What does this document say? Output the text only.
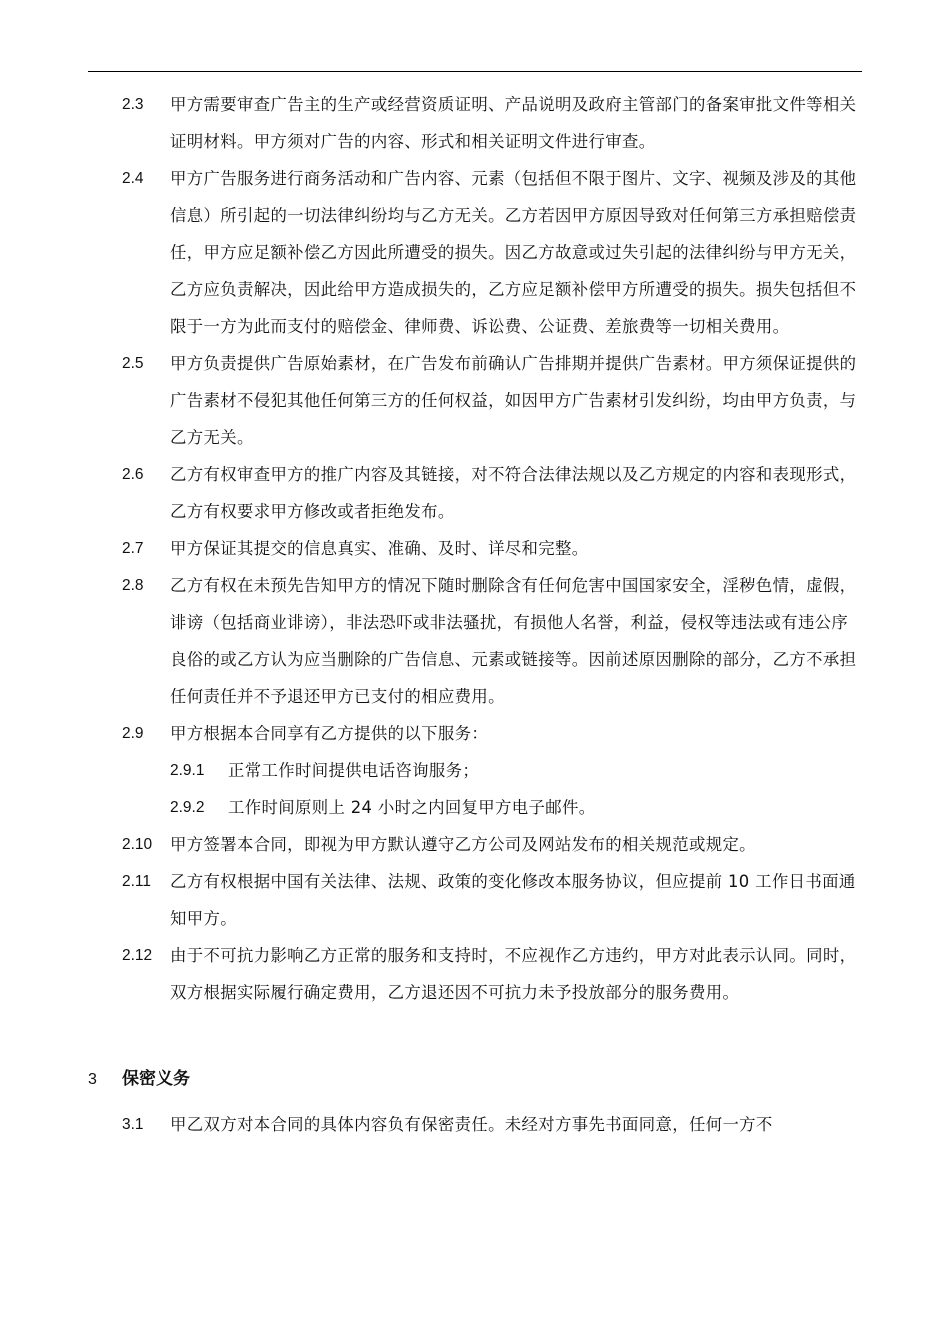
2.3 甲方需要审查广告主的生产或经营资质证明、产品说明及政府主管部门的备案审批文件等相关证明材料。甲方须对广告的内容、形式和相关证明文件进行审查。

2.4 甲方广告服务进行商务活动和广告内容、元素（包括但不限于图片、文字、视频及涉及的其他信息）所引起的一切法律纠纷均与乙方无关。乙方若因甲方原因导致对任何第三方承担赔偿责任，甲方应足额补偿乙方因此所遭受的损失。因乙方故意或过失引起的法律纠纷与甲方无关，乙方应负责解决，因此给甲方造成损失的，乙方应足额补偿甲方所遭受的损失。损失包括但不限于一方为此而支付的赔偿金、律师费、诉讼费、公证费、差旅费等一切相关费用。

2.5 甲方负责提供广告原始素材，在广告发布前确认广告排期并提供广告素材。甲方须保证提供的广告素材不侵犯其他任何第三方的任何权益，如因甲方广告素材引发纠纷，均由甲方负责，与乙方无关。

2.6 乙方有权审查甲方的推广内容及其链接，对不符合法律法规以及乙方规定的内容和表现形式，乙方有权要求甲方修改或者拒绝发布。

2.7 甲方保证其提交的信息真实、准确、及时、详尽和完整。

2.8 乙方有权在未预先告知甲方的情况下随时删除含有任何危害中国国家安全，淫秽色情，虚假，诽谤（包括商业诽谤），非法恐吓或非法骚扰，有损他人名誉，利益，侵权等违法或有违公序良俗的或乙方认为应当删除的广告信息、元素或链接等。因前述原因删除的部分，乙方不承担任何责任并不予退还甲方已支付的相应费用。

2.9 甲方根据本合同享有乙方提供的以下服务：

2.9.1 正常工作时间提供电话咨询服务；

2.9.2 工作时间原则上 24 小时之内回复甲方电子邮件。

2.10 甲方签署本合同，即视为甲方默认遵守乙方公司及网站发布的相关规范或规定。

2.11 乙方有权根据中国有关法律、法规、政策的变化修改本服务协议，但应提前 10 工作日书面通知甲方。

2.12 由于不可抗力影响乙方正常的服务和支持时，不应视作乙方违约，甲方对此表示认同。同时，双方根据实际履行确定费用，乙方退还因不可抗力未予投放部分的服务费用。

3 保密义务

3.1 甲乙双方对本合同的具体内容负有保密责任。未经对方事先书面同意，任何一方不
